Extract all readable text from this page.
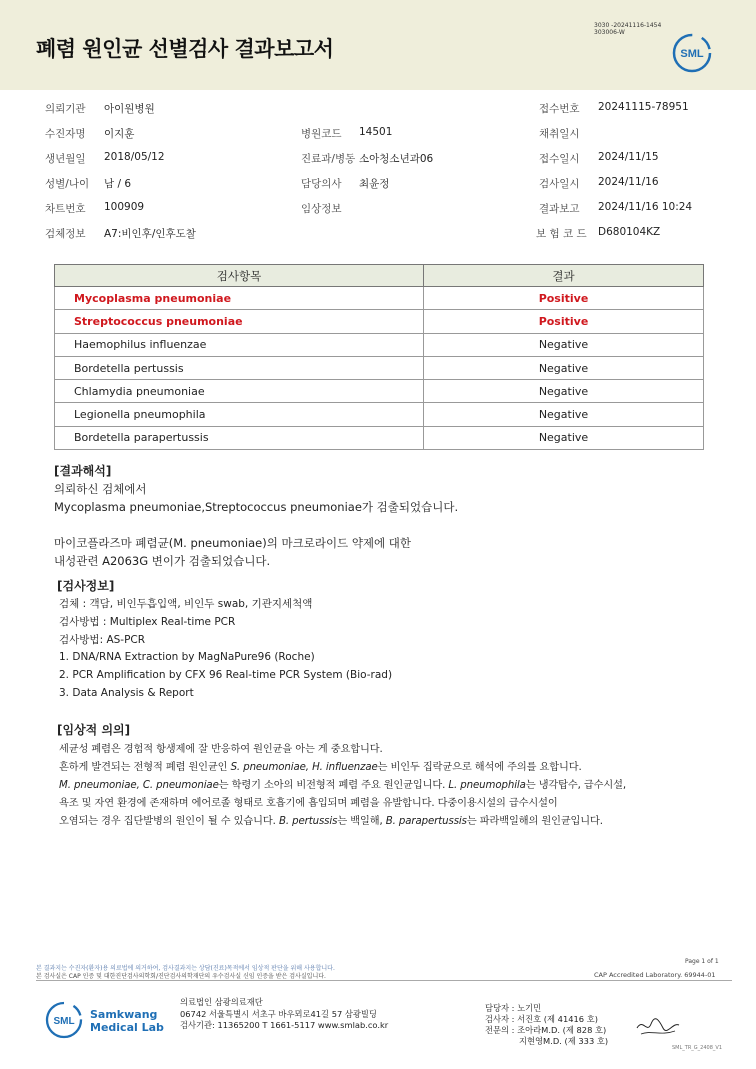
폐렴 원인균 선별검사 결과보고서
3030 -20241116-1454
303006-W
SML
의뢰기관 아이원병원	접수번호 20241115-78951
수진자명 이지훈	병원코드 14501	채취일시
생년월일 2018/05/12	진료과/병동 소아청소년과06	접수일시 2024/11/15
성별/나이 남 / 6	담당의사 최윤정	검사일시 2024/11/16
차트번호 100909	임상정보	결과보고 2024/11/16 10:24
검체정보 A7:비인후/인후도찰	보 험 코 드 D680104KZ
검사항목	결과
Mycoplasma pneumoniae	Positive
Streptococcus pneumoniae	Positive
Haemophilus influenzae	Negative
Bordetella pertussis	Negative
Chlamydia pneumoniae	Negative
Legionella pneumophila	Negative
Bordetella parapertussis	Negative
[결과해석]
의뢰하신 검체에서
Mycoplasma pneumoniae,Streptococcus pneumoniae가 검출되었습니다.
마이코플라즈마 폐렴균(M. pneumoniae)의 마크로라이드 약제에 대한
내성관련 A2063G 변이가 검출되었습니다.
[검사정보]
검체 : 객담, 비인두흡입액, 비인두 swab, 기관지세척액
검사방법 : Multiplex Real-time PCR
검사방법: AS-PCR
1. DNA/RNA Extraction by MagNaPure96 (Roche)
2. PCR Amplification by CFX 96 Real-time PCR System (Bio-rad)
3. Data Analysis & Report
[임상적 의의]
세균성 폐렴은 경험적 항생제에 잘 반응하여 원인균을 아는 게 중요합니다.
흔하게 발견되는 전형적 폐렴 원인균인 S. pneumoniae, H. influenzae는 비인두 집락균으로 해석에 주의를 요합니다.
M. pneumoniae, C. pneumoniae는 학령기 소아의 비전형적 폐렴 주요 원인균입니다. L. pneumophila는 냉각탑수, 급수시설,
욕조 및 자연 환경에 존재하며 에어로졸 형태로 호흡기에 흡입되며 폐렴을 유발합니다. 다중이용시설의 급수시설이
오염되는 경우 집단발병의 원인이 될 수 있습니다. B. pertussis는 백일해, B. parapertussis는 파라백일해의 원인균입니다.
본 결과지는 수진자(환자)용 의료법에 의거하여, 검사결과지는 상담(진료)목적에서 임상적 판단을 위해 사용합니다.
본 검사실은 CAP 인증 및 대한진단검사의학회/진단검사의학재단의 우수검사실 신임 인증을 받은 검사실입니다.
Page 1 of 1
CAP Accredited Laboratory. 69944-01
SML
Samkwang
Medical Lab
의료법인 삼광의료재단
06742 서울특별시 서초구 바우뫼로41길 57 삼광빌딩
검사기관: 11365200 T 1661-5117 www.smlab.co.kr
담당자 : 노기민
검사자 : 서진호 (제 41416 호)
전문의 : 조아라M.D. (제 828 호)
지현영M.D. (제 333 호)
SML_TR_G_2408_V1
